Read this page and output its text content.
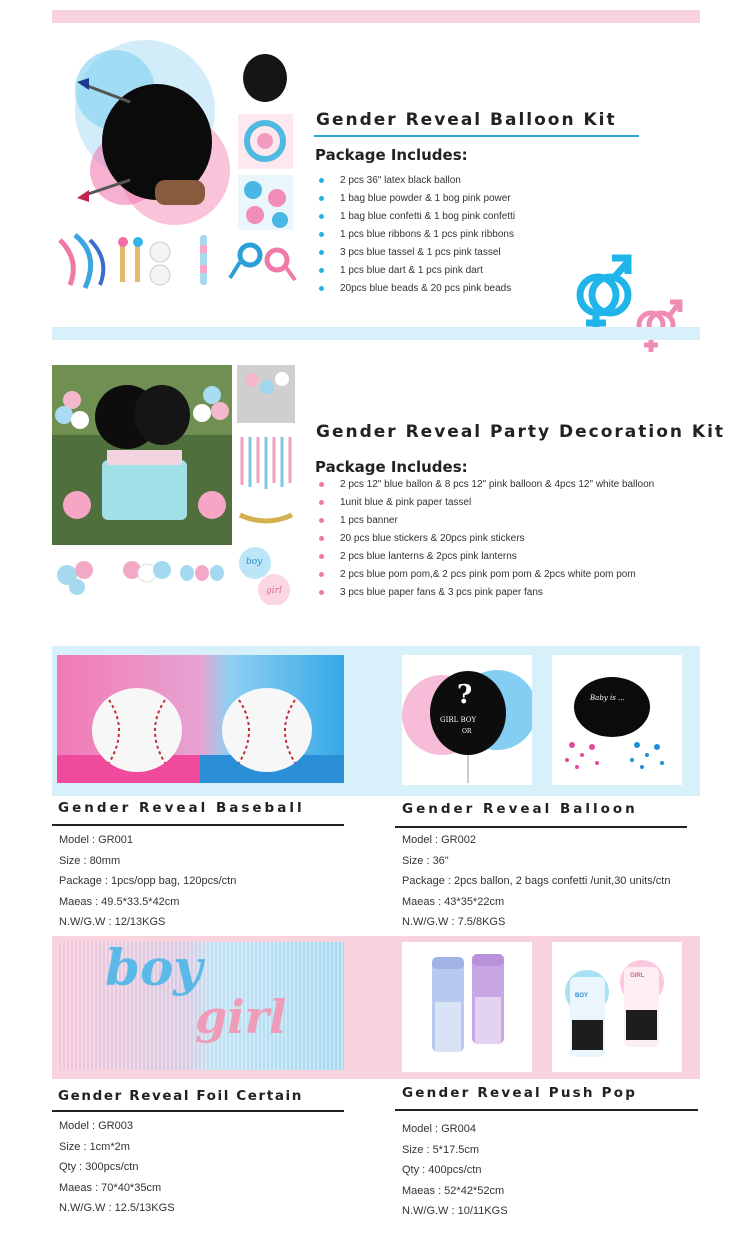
Gender Reveal Balloon Kit
Package Includes:
2 pcs 36" latex black ballon
1 bag blue powder & 1 bog pink power
1 bag blue confetti & 1 bog pink confetti
1 pcs blue ribbons & 1 pcs pink ribbons
3 pcs blue tassel & 1 pcs pink tassel
1 pcs blue dart & 1 pcs pink dart
20pcs blue beads & 20 pcs pink beads
boy
girl
Gender Reveal Party Decoration Kit
Package Includes:
2 pcs 12" blue ballon & 8 pcs 12" pink balloon & 4pcs 12" white balloon
1unit blue & pink paper tassel
1 pcs banner
20 pcs blue stickers & 20pcs pink stickers
2 pcs blue lanterns & 2pcs pink lanterns
2 pcs blue pom pom,& 2 pcs pink pom pom & 2pcs white pom pom
3 pcs blue paper fans & 3 pcs pink paper fans
Gender Reveal Baseball
Model : GR001
Size : 80mm
Package : 1pcs/opp bag, 120pcs/ctn
Maeas : 49.5*33.5*42cm
N.W/G.W : 12/13KGS
?
GIRL BOY
OR
Baby is ...
Gender Reveal Balloon
Model : GR002
Size : 36"
Package : 2pcs ballon, 2 bags confetti /unit,30 units/ctn
Maeas : 43*35*22cm
N.W/G.W : 7.5/8KGS
boy
girl
Gender Reveal Foil Certain
Model : GR003
Size : 1cm*2m
Qty : 300pcs/ctn
Maeas : 70*40*35cm
N.W/G.W : 12.5/13KGS
BOY
GIRL
Gender Reveal Push Pop
Model : GR004
Size : 5*17.5cm
Qty : 400pcs/ctn
Maeas : 52*42*52cm
N.W/G.W : 10/11KGS
